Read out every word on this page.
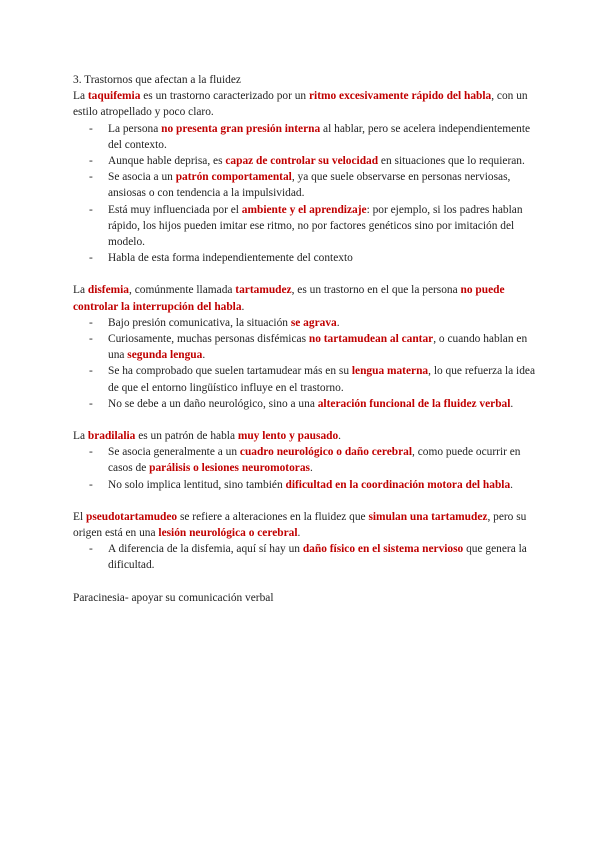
3. Trastornos que afectan a la fluidez

La taquifemia es un trastorno caracterizado por un ritmo excesivamente rápido del habla, con un estilo atropellado y poco claro.

- La persona no presenta gran presión interna al hablar, pero se acelera independientemente del contexto.
- Aunque hable deprisa, es capaz de controlar su velocidad en situaciones que lo requieran.
- Se asocia a un patrón comportamental, ya que suele observarse en personas nerviosas, ansiosas o con tendencia a la impulsividad.
- Está muy influenciada por el ambiente y el aprendizaje: por ejemplo, si los padres hablan rápido, los hijos pueden imitar ese ritmo, no por factores genéticos sino por imitación del modelo.
- Habla de esta forma independientemente del contexto

La disfemia, comúnmente llamada tartamudez, es un trastorno en el que la persona no puede controlar la interrupción del habla.

- Bajo presión comunicativa, la situación se agrava.
- Curiosamente, muchas personas disfémicas no tartamudean al cantar, o cuando hablan en una segunda lengua.
- Se ha comprobado que suelen tartamudear más en su lengua materna, lo que refuerza la idea de que el entorno lingüístico influye en el trastorno.
- No se debe a un daño neurológico, sino a una alteración funcional de la fluidez verbal.

La bradilalia es un patrón de habla muy lento y pausado.

- Se asocia generalmente a un cuadro neurológico o daño cerebral, como puede ocurrir en casos de parálisis o lesiones neuromotoras.
- No solo implica lentitud, sino también dificultad en la coordinación motora del habla.

El pseudotartamudeo se refiere a alteraciones en la fluidez que simulan una tartamudez, pero su origen está en una lesión neurológica o cerebral.

- A diferencia de la disfemia, aquí sí hay un daño físico en el sistema nervioso que genera la dificultad.

Paracinesia- apoyar su comunicación verbal
